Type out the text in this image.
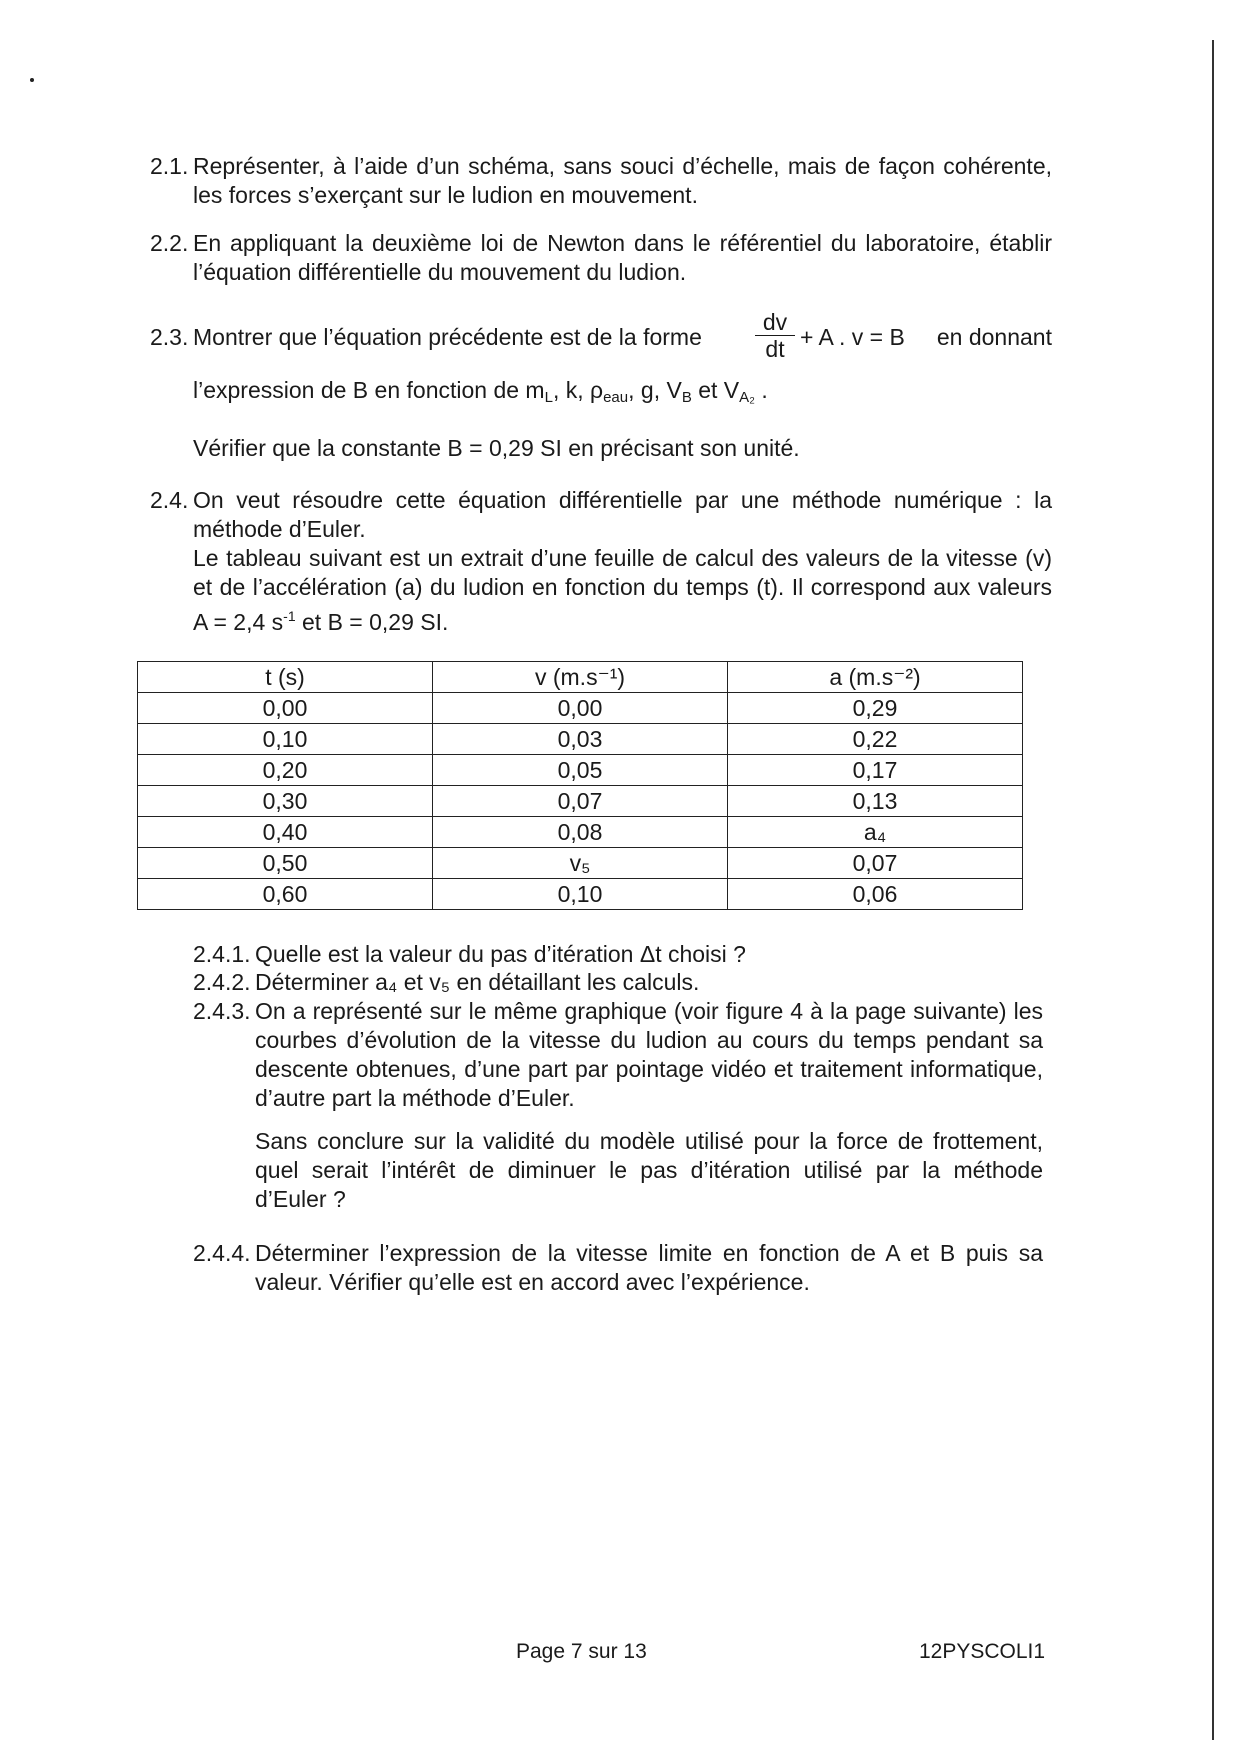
2.1. Représenter, à l’aide d’un schéma, sans souci d’échelle, mais de façon cohérente, les forces s’exerçant sur le ludion en mouvement.
2.2. En appliquant la deuxième loi de Newton dans le référentiel du laboratoire, établir l’équation différentielle du mouvement du ludion.
2.3. Montrer que l’équation précédente est de la forme $\frac{dv}{dt} + A$ . v = B en donnant
l’expression de B en fonction de $m_L$, k, $\rho_{eau}$, g, $V_B$ et $V_{A_2}$ .
Vérifier que la constante B = 0,29 SI en précisant son unité.
2.4. On veut résoudre cette équation différentielle par une méthode numérique : la méthode d’Euler.
Le tableau suivant est un extrait d’une feuille de calcul des valeurs de la vitesse (v) et de l’accélération (a) du ludion en fonction du temps (t). Il correspond aux valeurs A = 2,4 $s^{-1}$ et B = 0,29 SI.
t (s)	v (m.s⁻¹)	a (m.s⁻²)
0,00	0,00	0,29
0,10	0,03	0,22
0,20	0,05	0,17
0,30	0,07	0,13
0,40	0,08	a₄
0,50	v₅	0,07
0,60	0,10	0,06
2.4.1. Quelle est la valeur du pas d’itération Δt choisi ?
2.4.2. Déterminer a₄ et v₅ en détaillant les calculs.
2.4.3. On a représenté sur le même graphique (voir figure 4 à la page suivante) les courbes d’évolution de la vitesse du ludion au cours du temps pendant sa descente obtenues, d’une part par pointage vidéo et traitement informatique, d’autre part la méthode d’Euler.
Sans conclure sur la validité du modèle utilisé pour la force de frottement, quel serait l’intérêt de diminuer le pas d’itération utilisé par la méthode d’Euler ?
2.4.4. Déterminer l’expression de la vitesse limite en fonction de A et B puis sa valeur. Vérifier qu’elle est en accord avec l’expérience.
Page 7 sur 13	12PYSCOLI1
